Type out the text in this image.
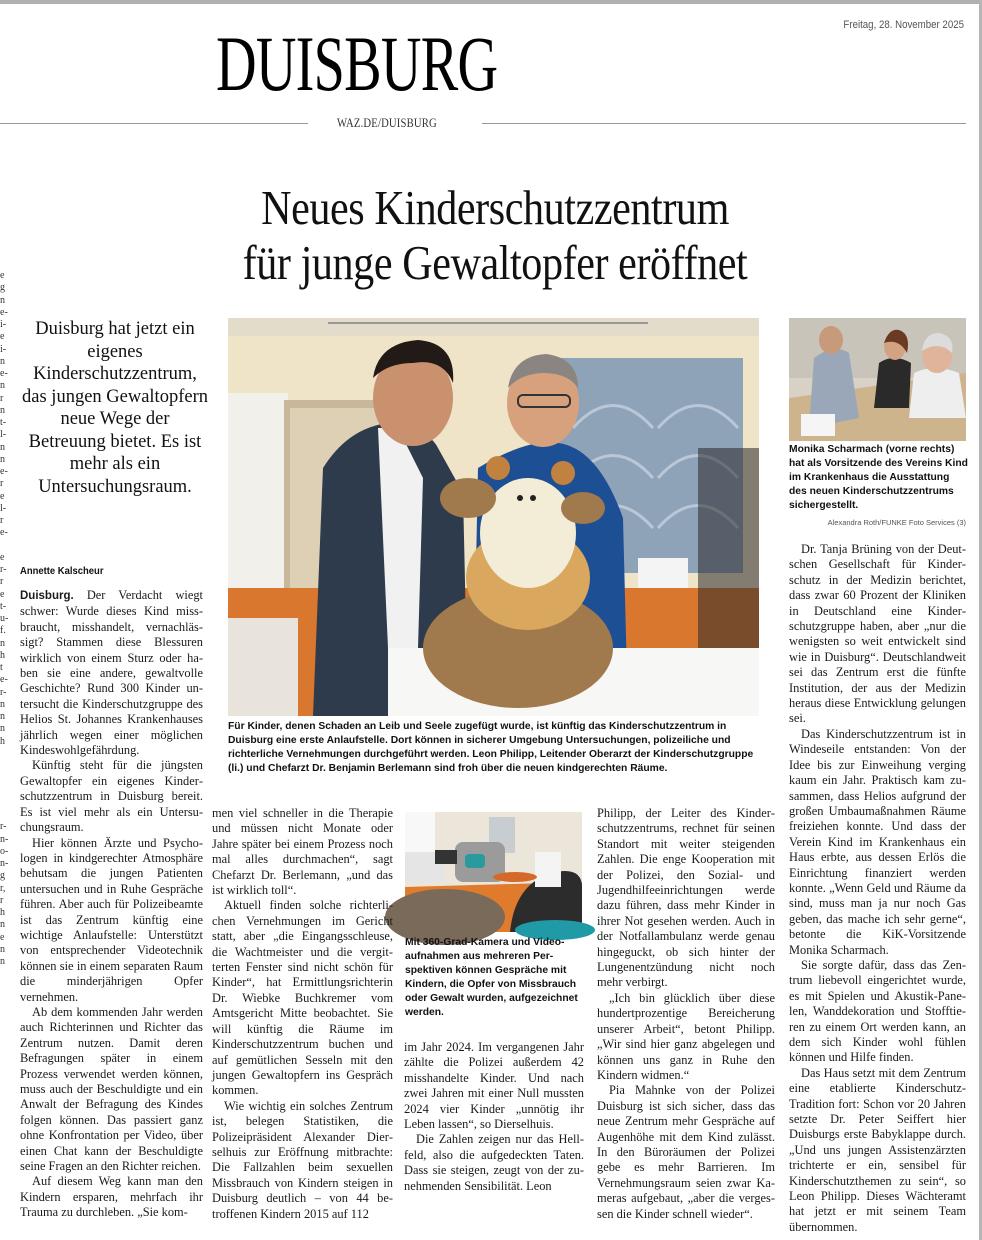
Freitag, 28. November 2025
DUISBURG
WAZ.DE/DUISBURG
e
g
n
e-
i-
e
i-
n
e-
n
r
n
t-
l-
n
n
e-
r
e
l-
r
e-

e
r-
r
e
t-
u-
f.
n
h
t
e-
r-
n
n
n
h

r-
n-
o-
n-
g
r,
r
h
n
e
n
n
Neues Kinderschutzzentrum
für junge Gewaltopfer eröffnet
Duisburg hat jetzt ein eigenes Kinderschutzzentrum, das jungen Gewaltopfern neue Wege der Betreuung bietet. Es ist mehr als ein Untersuchungsraum.
Annette Kalscheur
Für Kinder, denen Schaden an Leib und Seele zugefügt wurde, ist künftig das Kinderschutzzentrum in Duisburg eine erste Anlaufstelle. Dort können in sicherer Umgebung Untersuchungen, polizeiliche und richterliche Vernehmungen durchgeführt werden. Leon Philipp, Leitender Oberarzt der Kinderschutzgruppe (li.) und Chefarzt Dr. Benjamin Berlemann sind froh über die neuen kindgerechten Räume.
Monika Scharmach (vorne rechts) hat als Vorsitzende des Vereins Kind im Krankenhaus die Ausstattung des neuen Kinderschutzzentrums sichergestellt.
Alexandra Roth/FUNKE Foto Services (3)
Mit 360-Grad-Kamera und Videoaufnahmen aus mehreren Perspektiven können Gespräche mit Kindern, die Opfer von Missbrauch oder Gewalt wurden, aufgezeichnet werden.

Duisburg. Der Verdacht wiegt schwer: Wurde dieses Kind missbraucht, misshandelt, vernachlässigt? Stammen diese Blessuren wirklich von einem Sturz oder haben sie eine andere, gewaltvolle Geschichte? Rund 300 Kinder untersucht die Kinderschutzgruppe des Helios St. Johannes Krankenhauses jährlich wegen einer möglichen Kindeswohlgefährdung.

Künftig steht für die jüngsten Gewaltopfer ein eigenes Kinderschutzzentrum in Duisburg bereit. Es ist viel mehr als ein Untersuchungsraum.

Hier können Ärzte und Psychologen in kindgerechter Atmosphäre behutsam die jungen Patienten untersuchen und in Ruhe Gespräche führen. Aber auch für Polizeibeamte ist das Zentrum künftig eine wichtige Anlaufstelle: Unterstützt von entsprechender Videotechnik können sie in einem separaten Raum die minderjährigen Opfer vernehmen.

Ab dem kommenden Jahr werden auch Richterinnen und Richter das Zentrum nutzen. Damit deren Befragungen später in einem Prozess verwendet werden können, muss auch der Beschuldigte und ein Anwalt der Befragung des Kindes folgen können. Das passiert ganz ohne Konfrontation per Video, über einen Chat kann der Beschuldigte seine Fragen an den Richter reichen.

Auf diesem Weg kann man den Kindern ersparen, mehrfach ihr Trauma zu durchleben. „Sie kom-

men viel schneller in die Therapie und müssen nicht Monate oder Jahre später bei einem Prozess noch mal alles durchmachen“, sagt Chefarzt Dr. Berlemann, „und das ist wirklich toll“.

Aktuell finden solche richterlichen Vernehmungen im Gericht statt, aber „die Eingangsschleuse, die Wachtmeister und die vergitterten Fenster sind nicht schön für Kinder“, hat Ermittlungsrichterin Dr. Wiebke Buchkremer vom Amtsgericht Mitte beobachtet. Sie will künftig die Räume im Kinderschutzzentrum buchen und auf gemütlichen Sesseln mit den jungen Gewaltopfern ins Gespräch kommen.

Wie wichtig ein solches Zentrum ist, belegen Statistiken, die Polizeipräsident Alexander Dierselhuis zur Eröffnung mitbrachte: Die Fallzahlen beim sexuellen Missbrauch von Kindern steigen in Duisburg deutlich – von 44 betroffenen Kindern 2015 auf 112

im Jahr 2024. Im vergangenen Jahr zählte die Polizei außerdem 42 misshandelte Kinder. Und nach zwei Jahren mit einer Null mussten 2024 vier Kinder „unnötig ihr Leben lassen“, so Dierselhuis.

Die Zahlen zeigen nur das Hellfeld, also die aufgedeckten Taten. Dass sie steigen, zeugt von der zunehmenden Sensibilität. Leon

Philipp, der Leiter des Kinderschutzzentrums, rechnet für seinen Standort mit weiter steigenden Zahlen. Die enge Kooperation mit der Polizei, den Sozial- und Jugendhilfeeinrichtungen werde dazu führen, dass mehr Kinder in ihrer Not gesehen werden. Auch in der Notfallambulanz werde genau hingeguckt, ob sich hinter der Lungenentzündung nicht noch mehr verbirgt.

„Ich bin glücklich über diese hundertprozentige Bereicherung unserer Arbeit“, betont Philipp. „Wir sind hier ganz abgelegen und können uns ganz in Ruhe den Kindern widmen.“

Pia Mahnke von der Polizei Duisburg ist sich sicher, dass das neue Zentrum mehr Gespräche auf Augenhöhe mit dem Kind zulässt. In den Büroräumen der Polizei gebe es mehr Barrieren. Im Vernehmungsraum seien zwar Kameras aufgebaut, „aber die vergessen die Kinder schnell wieder“.

Dr. Tanja Brüning von der Deutschen Gesellschaft für Kinderschutz in der Medizin berichtet, dass zwar 60 Prozent der Kliniken in Deutschland eine Kinderschutzgruppe haben, aber „nur die wenigsten so weit entwickelt sind wie in Duisburg“. Deutschlandweit sei das Zentrum erst die fünfte Institution, der aus der Medizin heraus diese Entwicklung gelungen sei.

Das Kinderschutzzentrum ist in Windeseile entstanden: Von der Idee bis zur Einweihung verging kaum ein Jahr. Praktisch kam zusammen, dass Helios aufgrund der großen Umbaumaßnahmen Räume freiziehen konnte. Und dass der Verein Kind im Krankenhaus ein Haus erbte, aus dessen Erlös die Einrichtung finanziert werden konnte. „Wenn Geld und Räume da sind, muss man ja nur noch Gas geben, das mache ich sehr gerne“, betonte die KiK-Vorsitzende Monika Scharmach.

Sie sorgte dafür, dass das Zentrum liebevoll eingerichtet wurde, es mit Spielen und Akustik-Panelen, Wanddekoration und Stofftieren zu einem Ort werden kann, an dem sich Kinder wohl fühlen können und Hilfe finden.

Das Haus setzt mit dem Zentrum eine etablierte Kinderschutz-Tradition fort: Schon vor 20 Jahren setzte Dr. Peter Seiffert hier Duisburgs erste Babyklappe durch. „Und uns jungen Assistenzärzten trichterte er ein, sensibel für Kinderschutzthemen zu sein“, so Leon Philipp. Dieses Wächteramt hat jetzt er mit seinem Team übernommen.
